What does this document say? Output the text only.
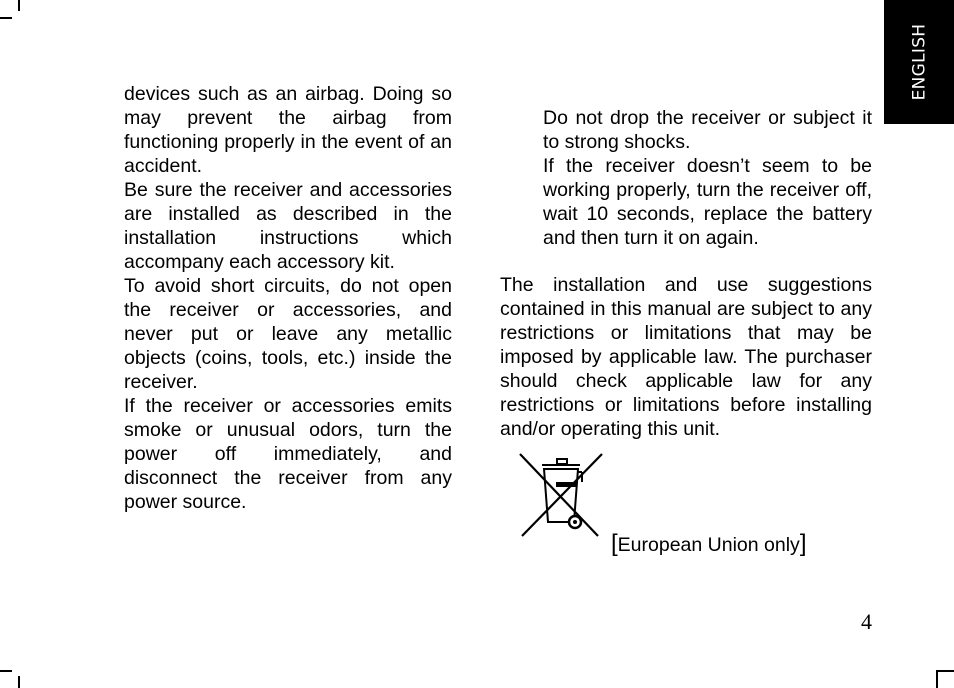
ENGLISH

devices such as an airbag. Doing so may prevent the airbag from functioning properly in the event of an accident.

Be sure the receiver and accessories are installed as described in the installation instructions which accompany each accessory kit.

To avoid short circuits, do not open the receiver or accessories, and never put or leave any metallic objects (coins, tools, etc.) inside the receiver.

If the receiver or accessories emits smoke or unusual odors, turn the power off immediately, and disconnect the receiver from any power source.

Do not drop the receiver or subject it to strong shocks.

If the receiver doesn’t seem to be working properly, turn the receiver off, wait 10 seconds, replace the battery and then turn it on again.

The installation and use suggestions contained in this manual are subject to any restrictions or limitations that may be imposed by applicable law. The purchaser should check applicable law for any restrictions or limitations before installing and/or operating this unit.

[European Union only]
4
